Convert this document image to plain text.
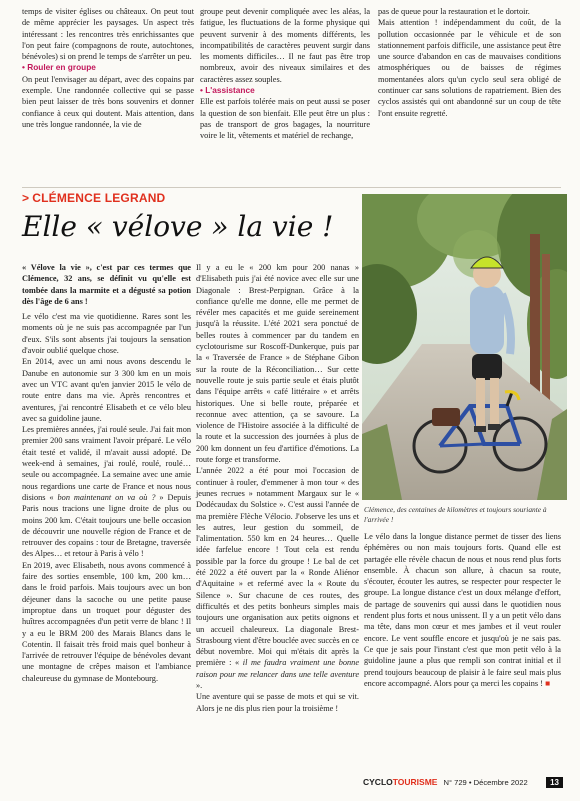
temps de visiter églises ou châteaux. On peut tout de même apprécier les paysages. Un aspect très intéressant : les rencontres très enrichissantes que l'on peut faire (compagnons de route, autochtones, bénévoles) si on prend le temps de s'arrêter un peu.

• Rouler en groupe

On peut l'envisager au départ, avec des copains par exemple. Une randonnée collective qui se passe bien peut laisser de très bons souvenirs et donner confiance à ceux qui doutent. Mais attention, dans une très longue randonnée, la vie de

groupe peut devenir compliquée avec les aléas, la fatigue, les fluctuations de la forme physique qui peuvent survenir à des moments différents, les incompatibilités de caractères peuvent surgir dans les moments difficiles… Il ne faut pas être trop nombreux, avoir des niveaux similaires et des caractères assez souples.

• L'assistance

Elle est parfois tolérée mais on peut aussi se poser la question de son bienfait. Elle peut être un plus : pas de transport de gros bagages, la nourriture voire le lit, vêtements et matériel de rechange,

pas de queue pour la restauration et le dortoir.

Mais attention ! indépendamment du coût, de la pollution occasionnée par le véhicule et de son stationnement parfois difficile, une assistance peut être une source d'abandon en cas de mauvaises conditions atmosphériques ou de baisses de régimes momentanées alors qu'un cyclo seul sera obligé de continuer car sans solutions de rapatriement. Bien des cyclos assistés qui ont abandonné sur un coup de tête l'ont ensuite regretté.

> CLÉMENCE LEGRAND
Elle « vélove » la vie !

« Vélove la vie », c'est par ces termes que Clémence, 32 ans, se définit vu qu'elle est tombée dans la marmite et a dégusté sa potion dès l'âge de 6 ans !

Le vélo c'est ma vie quotidienne. Rares sont les moments où je ne suis pas accompagnée par l'un d'eux. S'ils sont absents j'ai toujours la sensation d'avoir oublié quelque chose.

En 2014, avec un ami nous avons descendu le Danube en autonomie sur 3 300 km en un mois avec un VTC avant qu'en janvier 2015 le vélo de route entre dans ma vie. Après rencontres et aventures, j'ai rencontré Elisabeth et ce vélo bleu avec sa guidoline jaune.

Les premières années, j'ai roulé seule. J'ai fait mon premier 200 sans vraiment l'avoir préparé. Le vélo était testé et validé, il m'avait aussi adopté. De week-end à semaines, j'ai roulé, roulé, roulé… seule ou accompagnée. La semaine avec une amie nous regardions une carte de France et nous nous disions « bon maintenant on va où ? » Depuis Paris nous tracions une ligne droite de plus ou moins 200 km. C'était toujours une belle occasion de découvrir une nouvelle région de France et de retrouver des copains : tour de Bretagne, traversée des Alpes… et retour à Paris à vélo !

En 2019, avec Elisabeth, nous avons commencé à faire des sorties ensemble, 100 km, 200 km… dans le froid parfois. Mais toujours avec un bon déjeuner dans la sacoche ou une petite pause improptue dans un troquet pour déguster des huîtres accompagnées d'un petit verre de blanc ! Il y a eu le BRM 200 des Marais Blancs dans le Cotentin. Il faisait très froid mais quel bonheur à l'arrivée de retrouver l'équipe de bénévoles devant une montagne de crêpes maison et l'ambiance chaleureuse du gymnase de Montebourg.

Il y a eu le « 200 km pour 200 nanas » d'Elisabeth puis j'ai été novice avec elle sur une Diagonale : Brest-Perpignan. Grâce à la confiance qu'elle me donne, elle me permet de révéler mes capacités et me guide sereinement jusqu'à la réussite. L'été 2021 sera ponctué de belles routes à commencer par du tandem en cyclotourisme sur Roscoff-Dunkerque, puis par la « Traversée de France » de Stéphane Gibon sur la route de la Réconciliation… Sur cette nouvelle route je suis partie seule et étais plutôt dans l'équipe arrêts « café littéraire » et arrêts historiques. Une si belle route, préparée et reconnue avec attention, ça se savoure. La violence de l'Histoire associée à la difficulté de la route et la succession des journées à plus de 200 km donnent un feu d'artifice d'émotions. La route forge et transforme.

L'année 2022 a été pour moi l'occasion de continuer à rouler, d'emmener à mon tour « des jeunes recrues » notamment Margaux sur le « Dodécaudax du Solstice ». C'est aussi l'année de ma première Flèche Vélocio. J'observe les uns et les autres, leur gestion du sommeil, de l'alimentation. 550 km en 24 heures… Quelle idée farfelue encore ! Tout cela est rendu possible par la force du groupe ! Le bal de cet été 2022 a été ouvert par la « Ronde Aliénor d'Aquitaine » et refermé avec la « Route du Silence ». Sur chacune de ces routes, des difficultés et des petits bonheurs simples mais toujours une organisation aux petits oignons et un accueil chaleureux. La diagonale Brest-Strasbourg vient d'être bouclée avec succès en ce début novembre. Moi qui m'étais dit après la première : « il me faudra vraiment une bonne raison pour me relancer dans une telle aventure ».

Une aventure qui se passe de mots et qui se vit. Alors je ne dis plus rien pour la troisième !

Clémence, des centaines de kilomètres et toujours souriante à l'arrivée !

Le vélo dans la longue distance permet de tisser des liens éphémères ou non mais toujours forts. Quand elle est partagée elle révèle chacun de nous et nous rend plus forts ensemble. À chacun son allure, à chacun sa route, s'écouter, écouter les autres, se respecter pour respecter le groupe. La longue distance c'est un doux mélange d'effort, de partage de souvenirs qui aussi dans le quotidien nous rendent plus forts et nous unissent. Il y a un petit vélo dans ma tête, dans mon cœur et mes jambes et il veut rouler encore. Le vent souffle encore et jusqu'où je ne sais pas. Ce que je sais pour l'instant c'est que mon petit vélo à la guidoline jaune a plus que rempli son contrat initial et il prend toujours beaucoup de plaisir à le faire seul mais plus encore accompagné. Alors pour ça merci les copains ! ■

CYCLOTOURISME N° 729 • Décembre 2022	13
